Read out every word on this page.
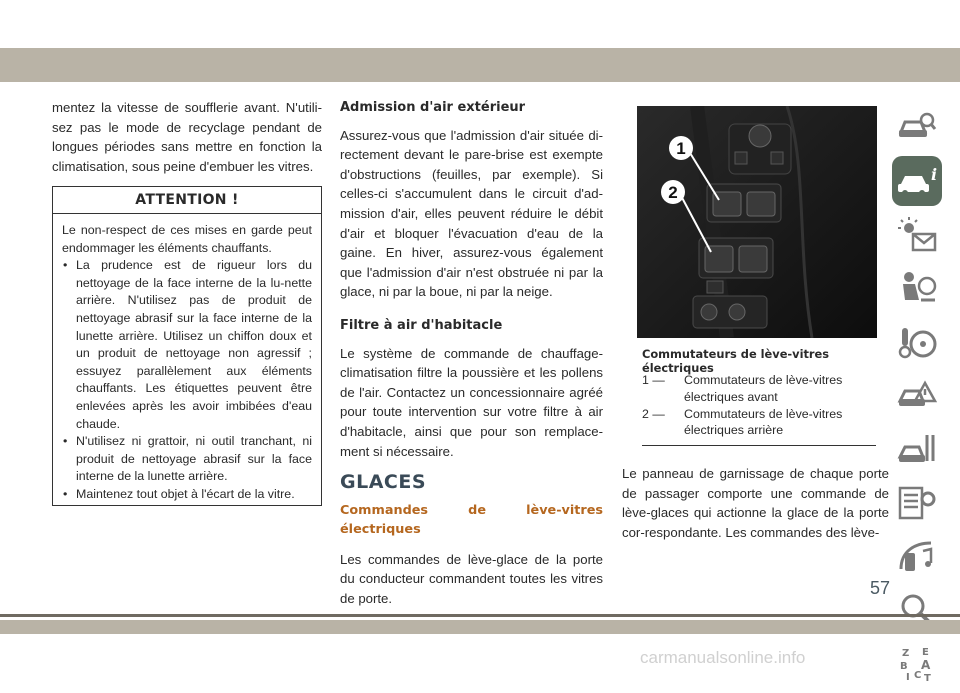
mentez la vitesse de soufflerie avant. N'utili-sez pas le mode de recyclage pendant de longues périodes sans mettre en fonction la climatisation, sous peine d'embuer les vitres.

ATTENTION !

Le non-respect de ces mises en garde peut endommager les éléments chauffants.

• La prudence est de rigueur lors du nettoyage de la face interne de la lu-nette arrière. N'utilisez pas de produit de nettoyage abrasif sur la face interne de la lunette arrière. Utilisez un chiffon doux et un produit de nettoyage non agressif ; essuyez parallèlement aux éléments chauffants. Les étiquettes peuvent être enlevées après les avoir imbibées d'eau chaude.
• N'utilisez ni grattoir, ni outil tranchant, ni produit de nettoyage abrasif sur la face interne de la lunette arrière.
• Maintenez tout objet à l'écart de la vitre.
Admission d'air extérieur

Assurez-vous que l'admission d'air située di-rectement devant le pare-brise est exempte d'obstructions (feuilles, par exemple). Si celles-ci s'accumulent dans le circuit d'ad-mission d'air, elles peuvent réduire le débit d'air et bloquer l'évacuation d'eau de la gaine. En hiver, assurez-vous également que l'admission d'air n'est obstruée ni par la glace, ni par la boue, ni par la neige.

Filtre à air d'habitacle

Le système de commande de chauffage-climatisation filtre la poussière et les pollens de l'air. Contactez un concessionnaire agréé pour toute intervention sur votre filtre à air d'habitacle, ainsi que pour son remplace-ment si nécessaire.

GLACES
Commandes de lève-vitres électriques

Les commandes de lève-glace de la porte du conducteur commandent toutes les vitres de porte.

1
2
Commutateurs de lève-vitres électriques
1 — Commutateurs de lève-vitres électriques avant
2 — Commutateurs de lève-vitres électriques arrière

Le panneau de garnissage de chaque porte de passager comporte une commande de lève-glaces qui actionne la glace de la porte cor-respondante. Les commandes des lève-

i
Z E
B A
I C T
57
carmanualsonline.info
